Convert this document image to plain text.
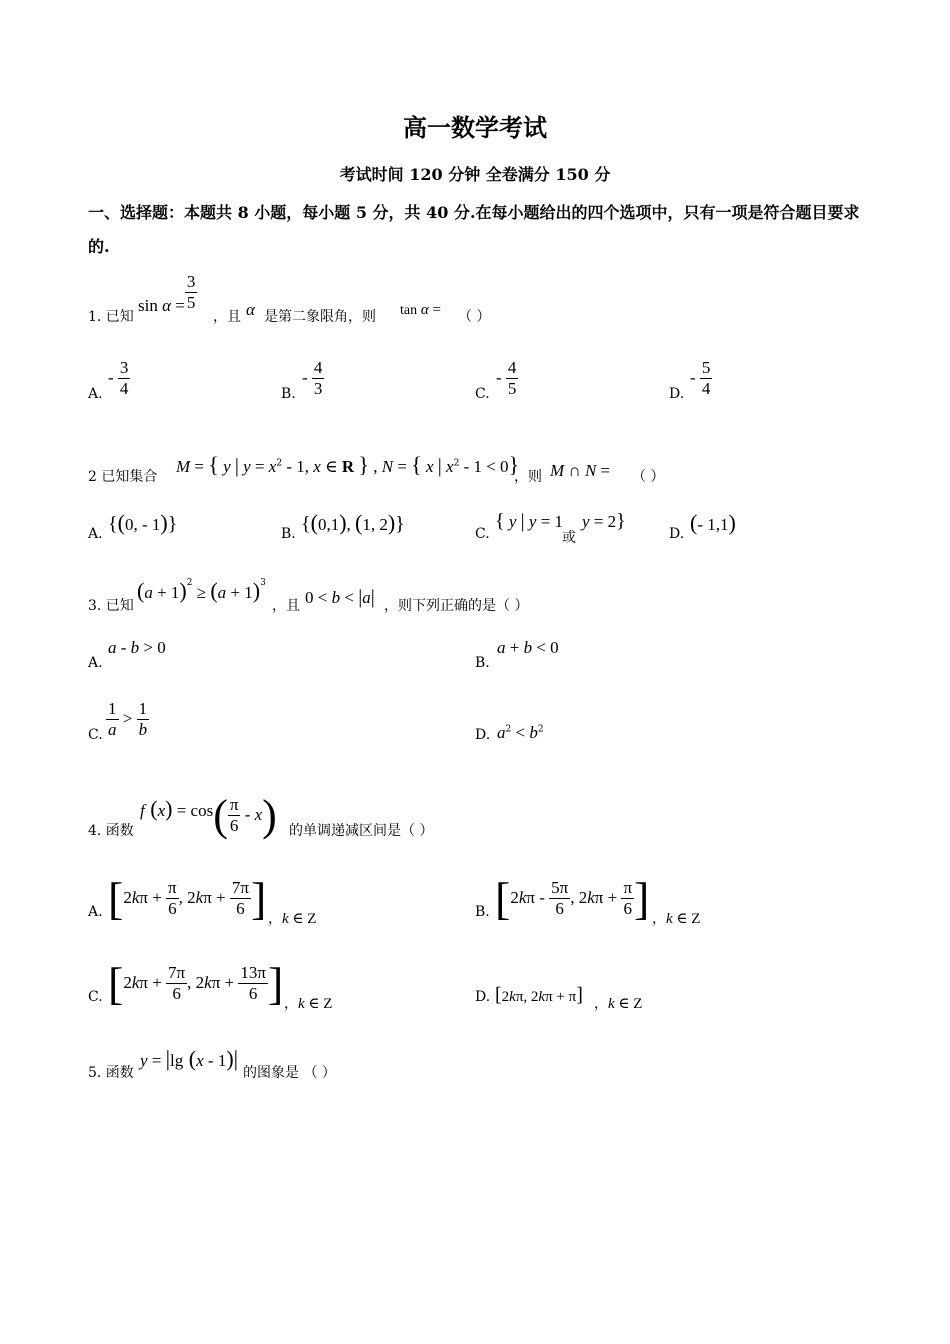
高一数学考试
考试时间 120 分钟 全卷满分 150 分
一、选择题：本题共 8 小题，每小题 5 分，共 40 分.在每小题给出的四个选项中，只有一项是符合题目要求的.
1. 已知
$\sin \alpha = \frac{3}{5}$
，且 α 是第二象限角，则 tan α = （ ）
A.
- $\frac{3}{4}$	B.
- $\frac{4}{3}$	C.
- $\frac{4}{5}$	D.
- $\frac{5}{4}$
2 已知集合
M = { y | $y = x^2 - 1$, x ∈ R } , N = { x | $x^2 - 1 < 0$}
，则 M ∩ N = （ ）
A. {(0, - 1)}	B. {(0,1), (1, 2)}	C.
{ y | y = 1
或
y = 2}
D. (- 1,1)
3. 已知
$(a + 1)^2 \ge (a + 1)^3$
，且 0 < b < |a| ，则下列正确的是（ ）
A.
a - b > 0
B.
a + b < 0
C. $\frac{1}{a} > \frac{1}{b}$	D. $a^2 < b^2$
4. 函数
f $(x) = \cos( \frac{\pi}{6} - x)$ 的单调递减区间是（ ）
A. [$2k\pi + \frac{\pi}{6}$ , $2k\pi + \frac{7\pi}{6}$ ] ，k ∈ Z	B. [$2k\pi - \frac{5\pi}{6}$ , $2k\pi + \frac{\pi}{6}$ ] ，k ∈ Z
C. [$2k\pi + \frac{7\pi}{6}$ , $2k\pi + \frac{13\pi}{6}$ ] ，k ∈ Z	D. [2kπ, 2kπ + π] ，k ∈ Z
5. 函数
y = |lg (x - 1)|
的图象是 （ ）
